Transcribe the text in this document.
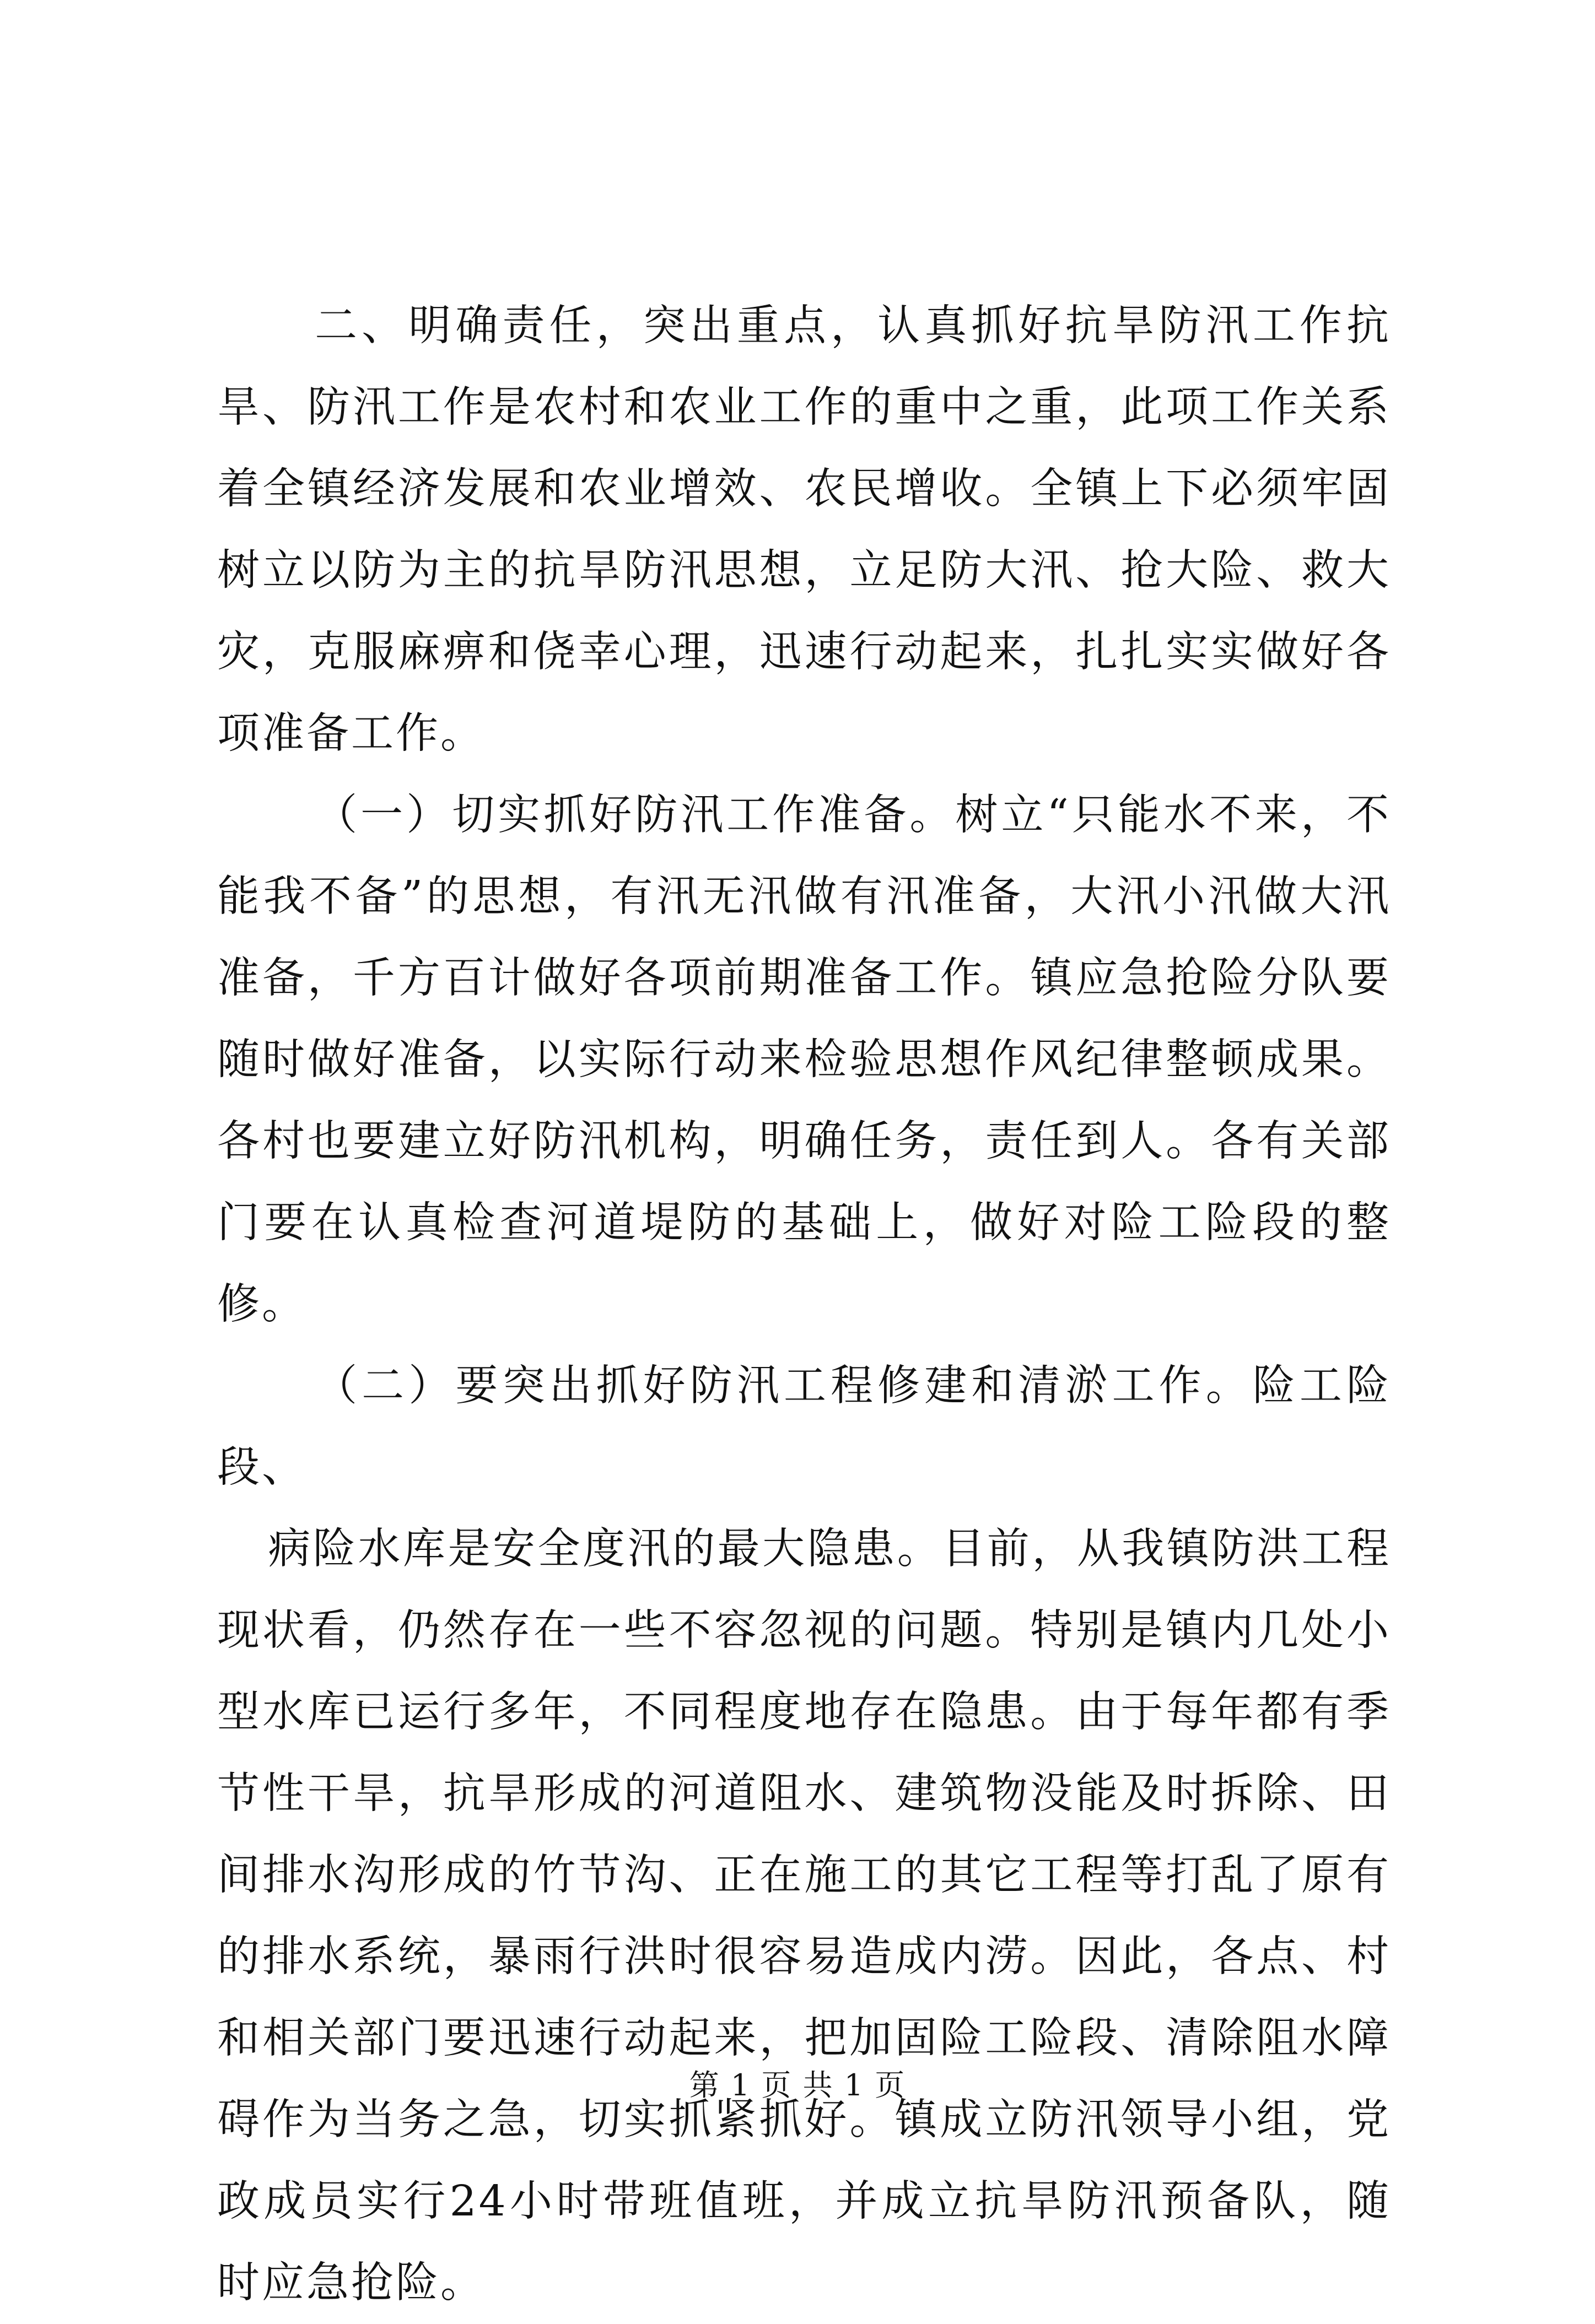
二、明确责任，突出重点，认真抓好抗旱防汛工作抗旱、防汛工作是农村和农业工作的重中之重，此项工作关系着全镇经济发展和农业增效、农民增收。全镇上下必须牢固树立以防为主的抗旱防汛思想，立足防大汛、抢大险、救大灾，克服麻痹和侥幸心理，迅速行动起来，扎扎实实做好各项准备工作。

（一）切实抓好防汛工作准备。树立“只能水不来，不能我不备”的思想，有汛无汛做有汛准备，大汛小汛做大汛准备，千方百计做好各项前期准备工作。镇应急抢险分队要随时做好准备，以实际行动来检验思想作风纪律整顿成果。各村也要建立好防汛机构，明确任务，责任到人。各有关部门要在认真检查河道堤防的基础上，做好对险工险段的整修。

（二）要突出抓好防汛工程修建和清淤工作。险工险段、

病险水库是安全度汛的最大隐患。目前，从我镇防洪工程现状看，仍然存在一些不容忽视的问题。特别是镇内几处小型水库已运行多年，不同程度地存在隐患。由于每年都有季节性干旱，抗旱形成的河道阻水、建筑物没能及时拆除、田间排水沟形成的竹节沟、正在施工的其它工程等打乱了原有的排水系统，暴雨行洪时很容易造成内涝。因此，各点、村和相关部门要迅速行动起来，把加固险工险段、清除阻水障碍作为当务之急，切实抓紧抓好。镇成立防汛领导小组，党政成员实行24小时带班值班，并成立抗旱防汛预备队，随时应急抢险。

第 1 页 共 1 页
